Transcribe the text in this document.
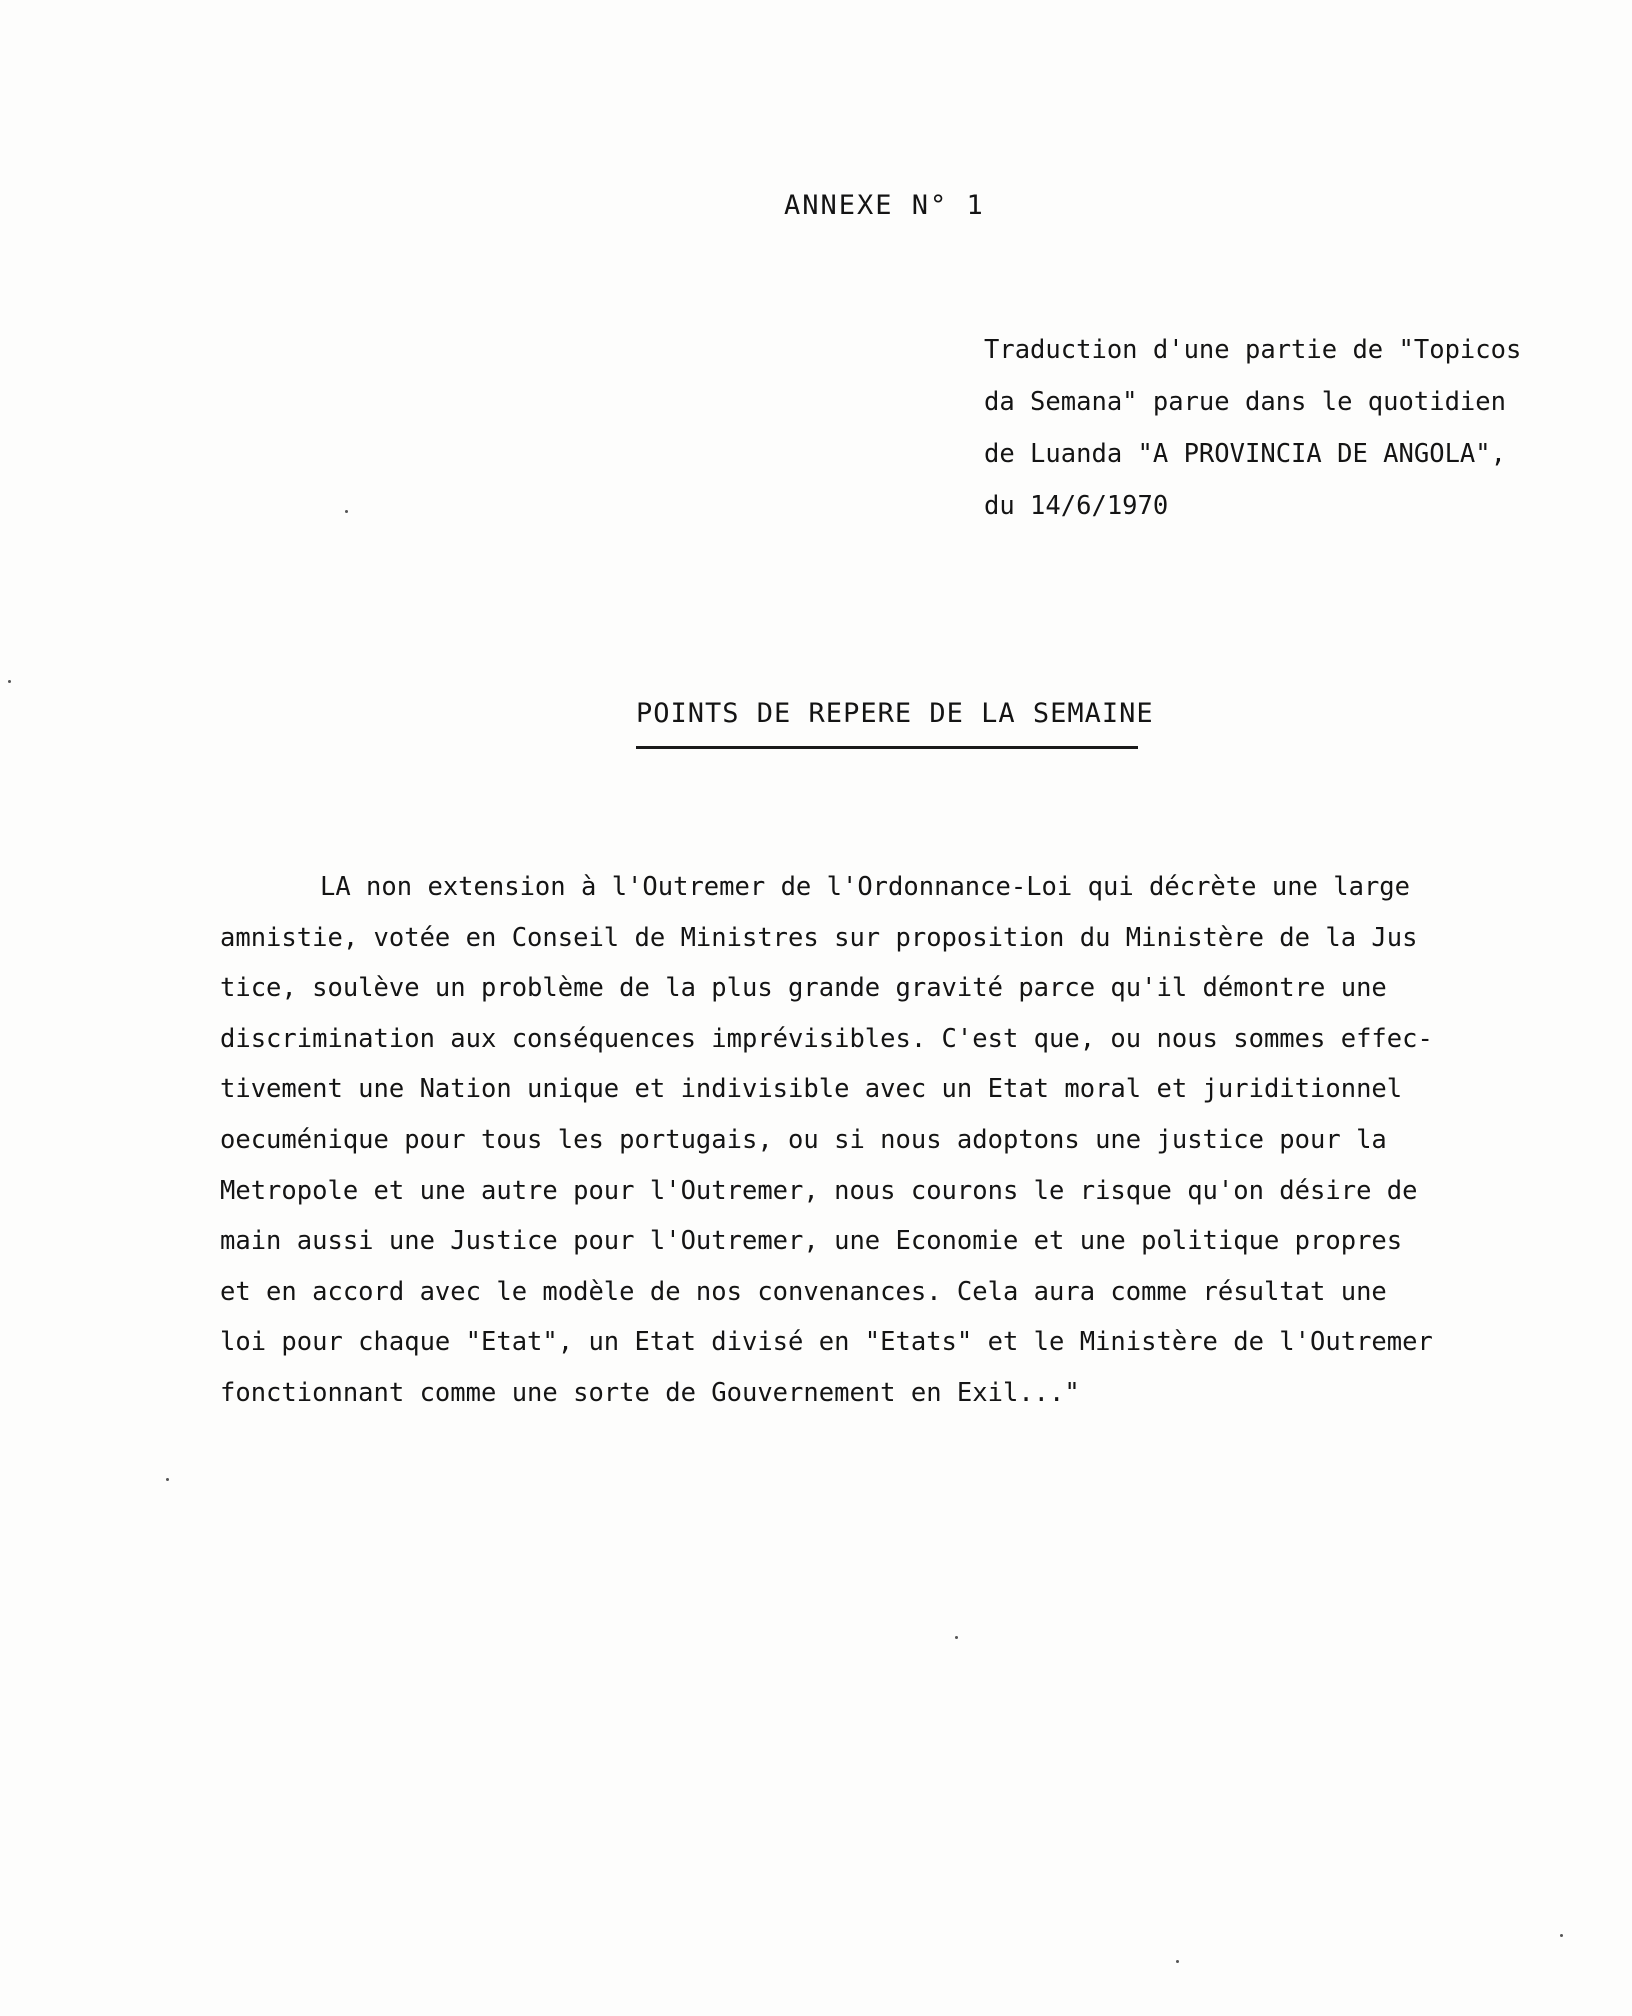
ANNEXE N° 1
Traduction d'une partie de "Topicos
da Semana" parue dans le quotidien
de Luanda "A PROVINCIA DE ANGOLA",
du 14/6/1970
POINTS DE REPERE DE LA SEMAINE
LA non extension à l'Outremer de l'Ordonnance-Loi qui décrète une large
amnistie, votée en Conseil de Ministres sur proposition du Ministère de la Jus
tice, soulève un problème de la plus grande gravité parce qu'il démontre une
discrimination aux conséquences imprévisibles. C'est que, ou nous sommes effec-
tivement une Nation unique et indivisible avec un Etat moral et juriditionnel
oecuménique pour tous les portugais, ou si nous adoptons une justice pour la
Metropole et une autre pour l'Outremer, nous courons le risque qu'on désire de
main aussi une Justice pour l'Outremer, une Economie et une politique propres
et en accord avec le modèle de nos convenances. Cela aura comme résultat une
loi pour chaque "Etat", un Etat divisé en "Etats" et le Ministère de l'Outremer
fonctionnant comme une sorte de Gouvernement en Exil..."
